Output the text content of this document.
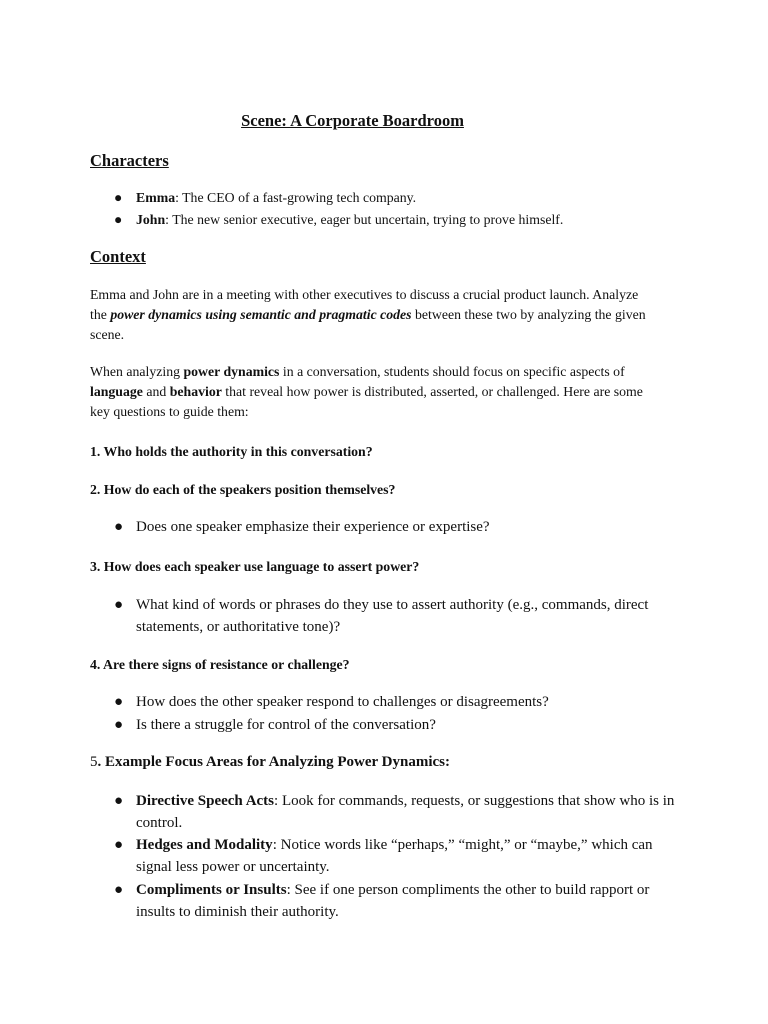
Scene: A Corporate Boardroom
Characters
● Emma: The CEO of a fast-growing tech company.
● John: The new senior executive, eager but uncertain, trying to prove himself.
Context
Emma and John are in a meeting with other executives to discuss a crucial product launch. Analyze the power dynamics using semantic and pragmatic codes between these two by analyzing the given scene.
When analyzing power dynamics in a conversation, students should focus on specific aspects of language and behavior that reveal how power is distributed, asserted, or challenged. Here are some key questions to guide them:
1. Who holds the authority in this conversation?
2. How do each of the speakers position themselves?
● Does one speaker emphasize their experience or expertise?
3. How does each speaker use language to assert power?
● What kind of words or phrases do they use to assert authority (e.g., commands, direct statements, or authoritative tone)?
4. Are there signs of resistance or challenge?
● How does the other speaker respond to challenges or disagreements?
● Is there a struggle for control of the conversation?
5. Example Focus Areas for Analyzing Power Dynamics:
● Directive Speech Acts: Look for commands, requests, or suggestions that show who is in control.
● Hedges and Modality: Notice words like “perhaps,” “might,” or “maybe,” which can signal less power or uncertainty.
● Compliments or Insults: See if one person compliments the other to build rapport or insults to diminish their authority.
